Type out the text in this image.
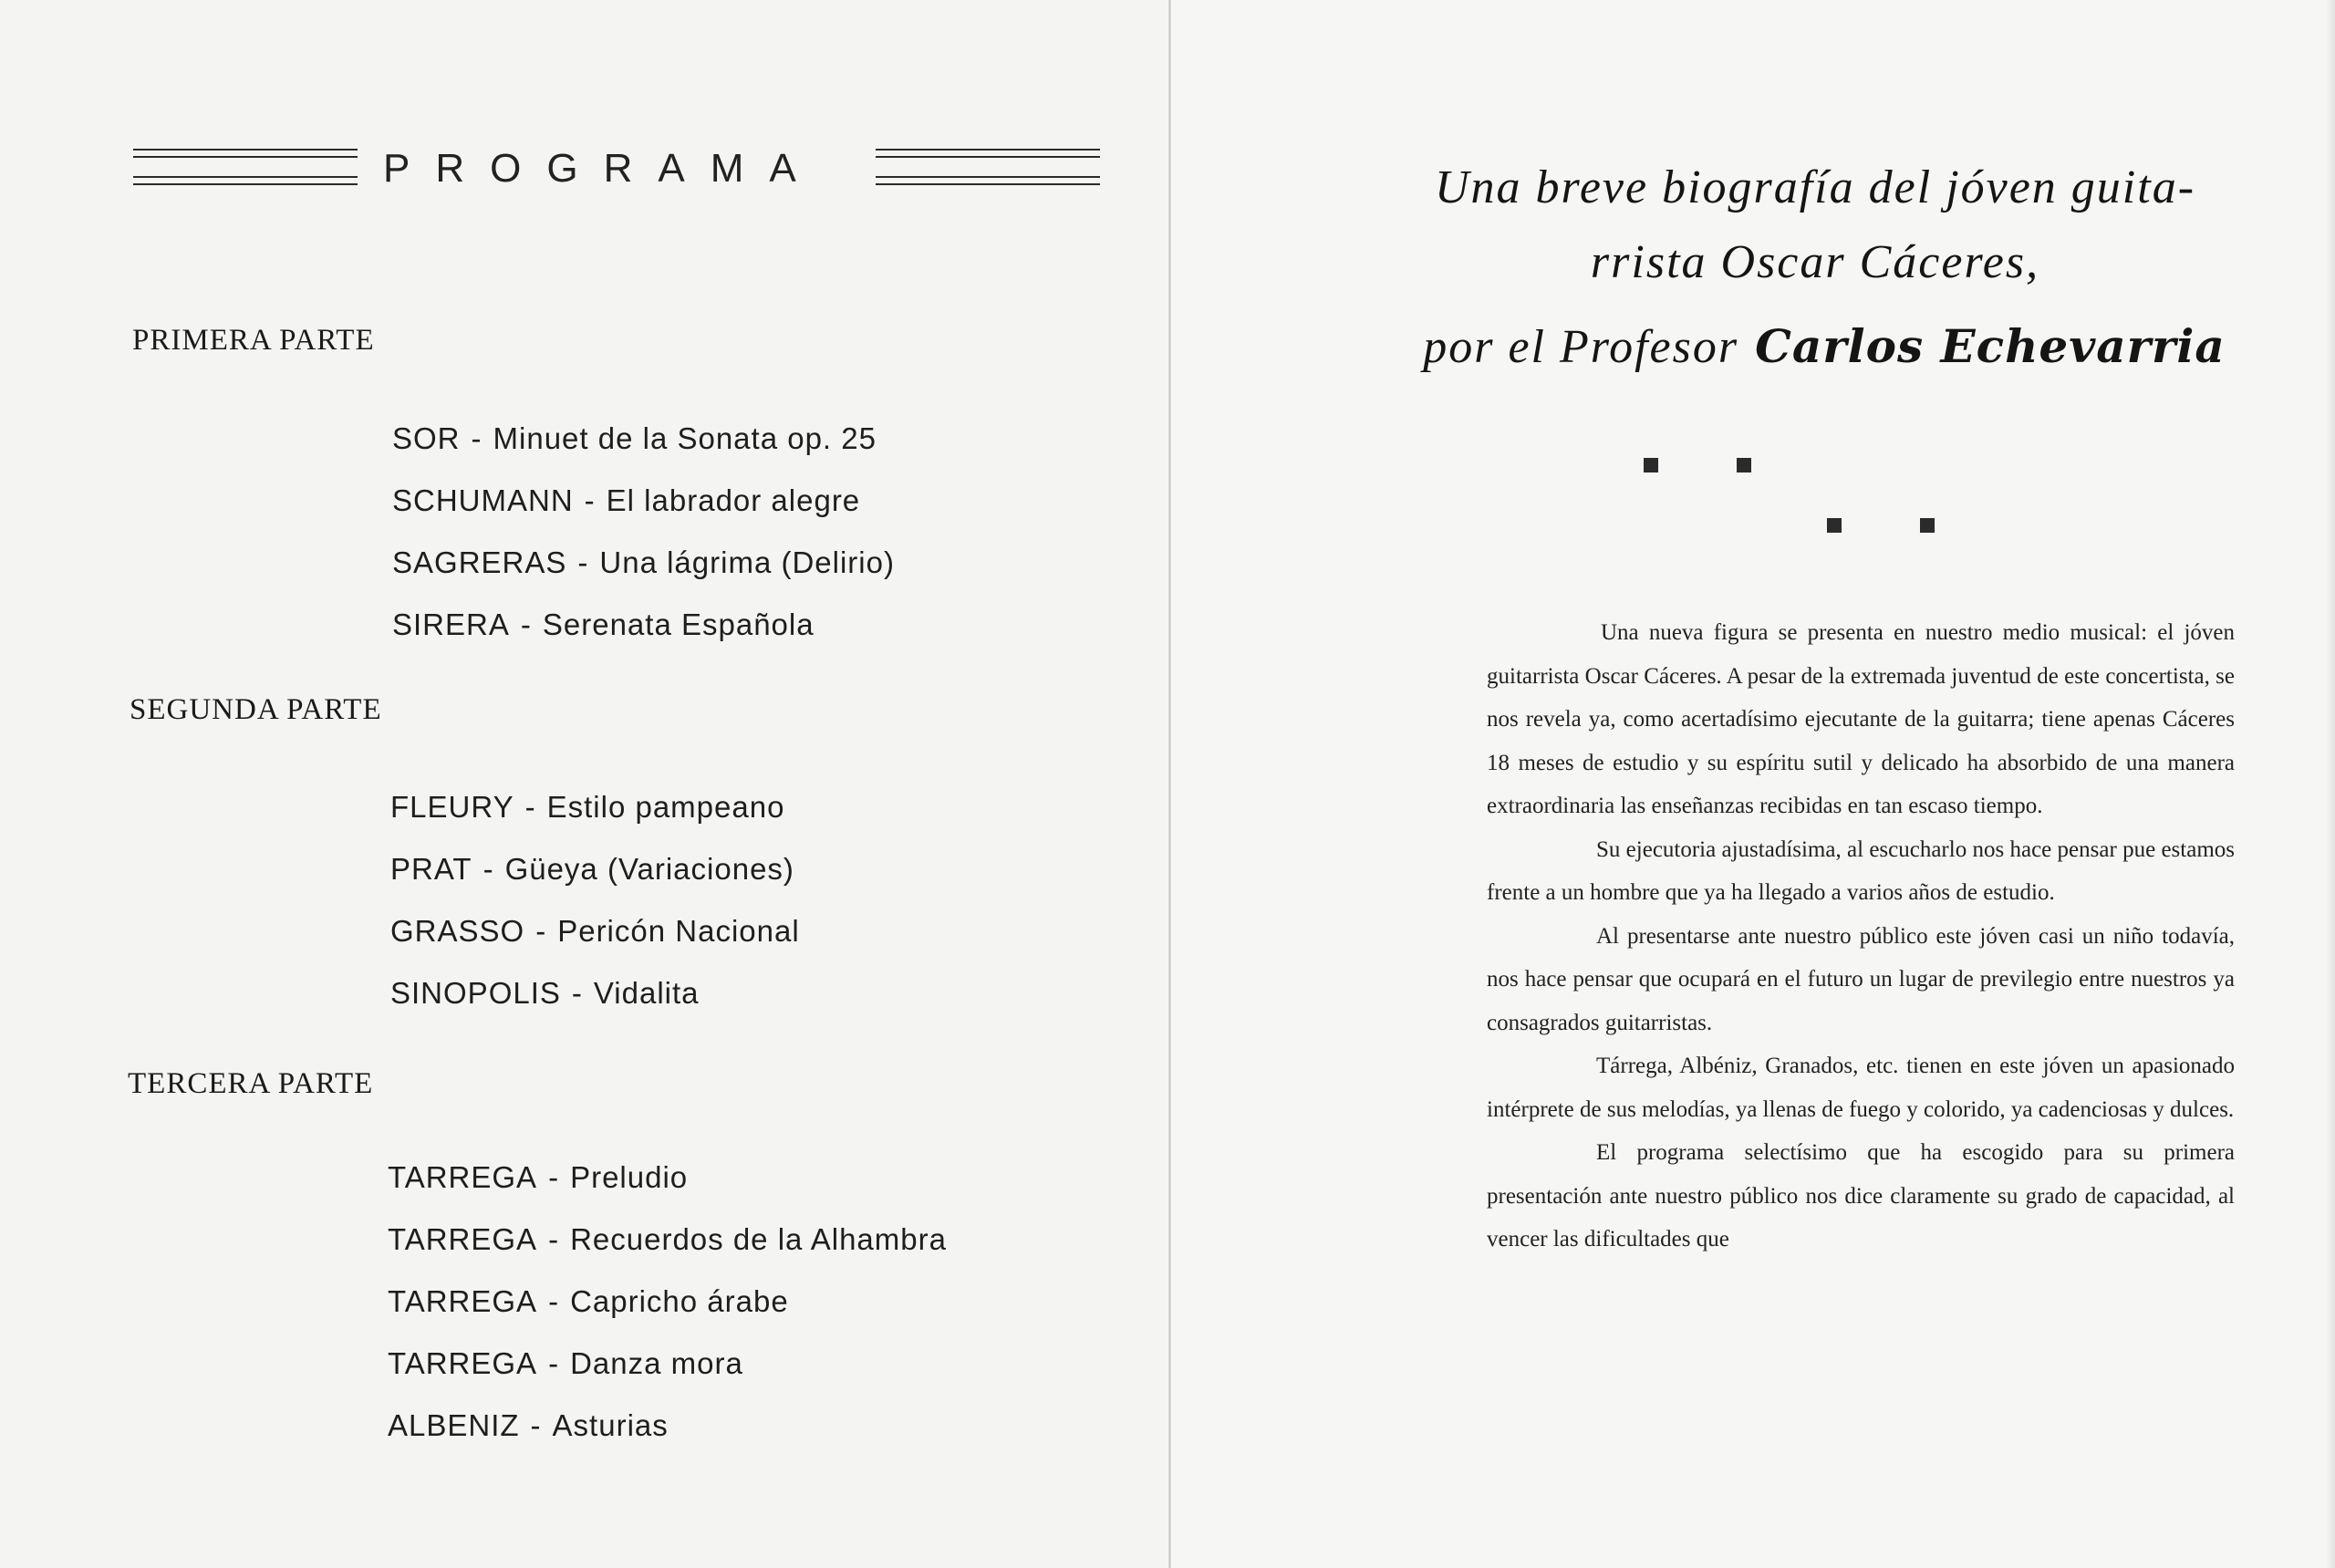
PROGRAMA
PRIMERA PARTE
SOR - Minuet de la Sonata op. 25
SCHUMANN - El labrador alegre
SAGRERAS - Una lágrima (Delirio)
SIRERA - Serenata Española
SEGUNDA PARTE
FLEURY - Estilo pampeano
PRAT - Güeya (Variaciones)
GRASSO - Pericón Nacional
SINOPOLIS - Vidalita
TERCERA PARTE
TARREGA - Preludio
TARREGA - Recuerdos de la Alhambra
TARREGA - Capricho árabe
TARREGA - Danza mora
ALBENIZ - Asturias
Una breve biografía del jóven guita-
rrista Oscar Cáceres,
por el Profesor Carlos Echevarria

Una nueva figura se presenta en nuestro medio musical: el jóven guitarrista Oscar Cáceres. A pesar de la extremada juventud de este concertista, se nos revela ya, como acertadísimo ejecutante de la guitarra; tiene apenas Cáceres 18 meses de estudio y su espíritu sutil y delicado ha absorbido de una manera extraordinaria las enseñanzas recibidas en tan escaso tiempo.

Su ejecutoria ajustadísima, al escucharlo nos hace pensar pue estamos frente a un hombre que ya ha llegado a varios años de estudio.

Al presentarse ante nuestro público este jóven casi un niño todavía, nos hace pensar que ocupará en el futuro un lugar de previlegio entre nuestros ya consagrados guitarristas.

Tárrega, Albéniz, Granados, etc. tienen en este jóven un apasionado intérprete de sus melodías, ya llenas de fuego y colorido, ya cadenciosas y dulces.

El programa selectísimo que ha escogido para su primera presentación ante nuestro público nos dice claramente su grado de capacidad, al vencer las dificultades que
